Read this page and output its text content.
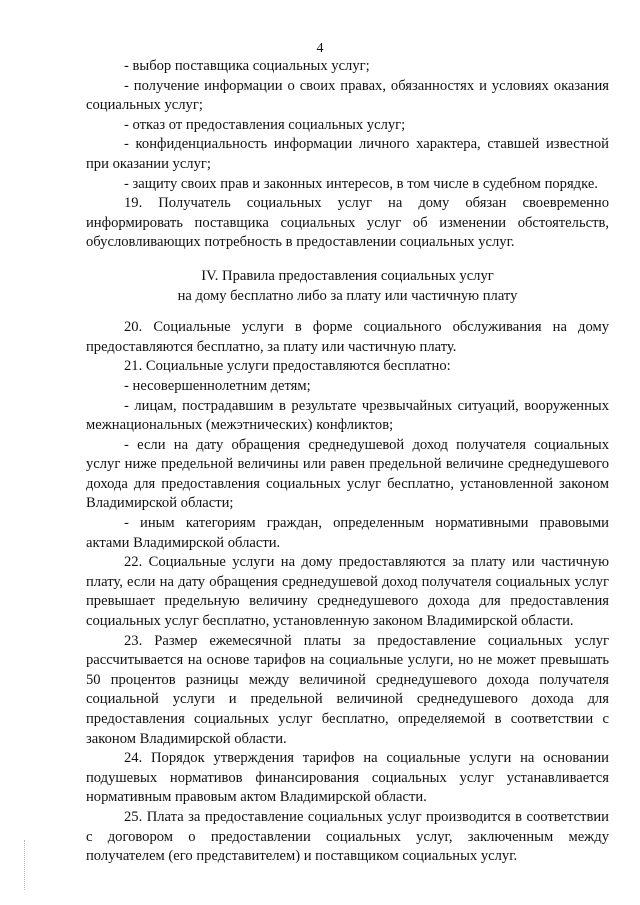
4

- выбор поставщика социальных услуг;

- получение информации о своих правах, обязанностях и условиях оказания социальных услуг;

- отказ от предоставления социальных услуг;

- конфиденциальность информации личного характера, ставшей известной при оказании услуг;

- защиту своих прав и законных интересов, в том числе в судебном порядке.

19. Получатель социальных услуг на дому обязан своевременно информировать поставщика социальных услуг об изменении обстоятельств, обусловливающих потребность в предоставлении социальных услуг.

IV. Правила предоставления социальных услуг
на дому бесплатно либо за плату или частичную плату

20. Социальные услуги в форме социального обслуживания на дому предоставляются бесплатно, за плату или частичную плату.

21. Социальные услуги предоставляются бесплатно:

- несовершеннолетним детям;

- лицам, пострадавшим в результате чрезвычайных ситуаций, вооруженных межнациональных (межэтнических) конфликтов;

- если на дату обращения среднедушевой доход получателя социальных услуг ниже предельной величины или равен предельной величине среднедушевого дохода для предоставления социальных услуг бесплатно, установленной законом Владимирской области;

- иным категориям граждан, определенным нормативными правовыми актами Владимирской области.

22. Социальные услуги на дому предоставляются за плату или частичную плату, если на дату обращения среднедушевой доход получателя социальных услуг превышает предельную величину среднедушевого дохода для предоставления социальных услуг бесплатно, установленную законом Владимирской области.

23. Размер ежемесячной платы за предоставление социальных услуг рассчитывается на основе тарифов на социальные услуги, но не может превышать 50 процентов разницы между величиной среднедушевого дохода получателя социальной услуги и предельной величиной среднедушевого дохода для предоставления социальных услуг бесплатно, определяемой в соответствии с законом Владимирской области.

24. Порядок утверждения тарифов на социальные услуги на основании подушевых нормативов финансирования социальных услуг устанавливается нормативным правовым актом Владимирской области.

25. Плата за предоставление социальных услуг производится в соответствии с договором о предоставлении социальных услуг, заключенным между получателем (его представителем) и поставщиком социальных услуг.
